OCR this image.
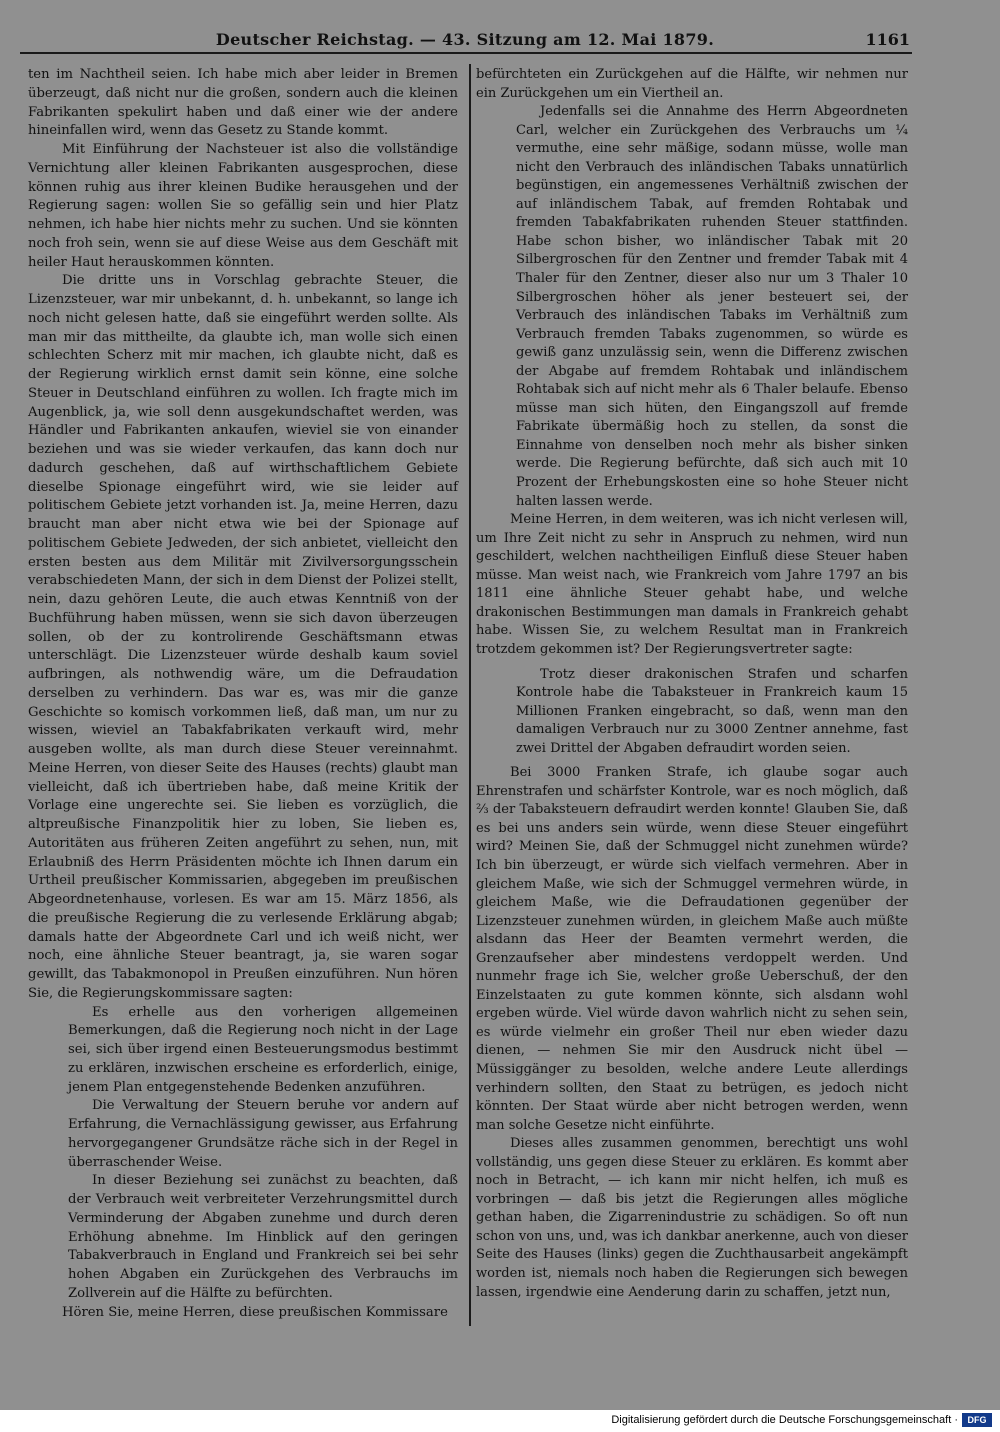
Deutscher Reichstag. — 43. Sitzung am 12. Mai 1879.	1161

ten im Nachtheil seien. Ich habe mich aber leider in Bremen überzeugt, daß nicht nur die großen, sondern auch die kleinen Fabrikanten spekulirt haben und daß einer wie der andere hineinfallen wird, wenn das Gesetz zu Stande kommt.

Mit Einführung der Nachsteuer ist also die vollständige Vernichtung aller kleinen Fabrikanten ausgesprochen, diese können ruhig aus ihrer kleinen Budike herausgehen und der Regierung sagen: wollen Sie so gefällig sein und hier Platz nehmen, ich habe hier nichts mehr zu suchen. Und sie könnten noch froh sein, wenn sie auf diese Weise aus dem Geschäft mit heiler Haut herauskommen könnten.

Die dritte uns in Vorschlag gebrachte Steuer, die Lizenzsteuer, war mir unbekannt, d. h. unbekannt, so lange ich noch nicht gelesen hatte, daß sie eingeführt werden sollte. Als man mir das mittheilte, da glaubte ich, man wolle sich einen schlechten Scherz mit mir machen, ich glaubte nicht, daß es der Regierung wirklich ernst damit sein könne, eine solche Steuer in Deutschland einführen zu wollen. Ich fragte mich im Augenblick, ja, wie soll denn ausgekundschaftet werden, was Händler und Fabrikanten ankaufen, wieviel sie von einander beziehen und was sie wieder verkaufen, das kann doch nur dadurch geschehen, daß auf wirthschaftlichem Gebiete dieselbe Spionage eingeführt wird, wie sie leider auf politischem Gebiete jetzt vorhanden ist. Ja, meine Herren, dazu braucht man aber nicht etwa wie bei der Spionage auf politischem Gebiete Jedweden, der sich anbietet, vielleicht den ersten besten aus dem Militär mit Zivilversorgungsschein verabschiedeten Mann, der sich in dem Dienst der Polizei stellt, nein, dazu gehören Leute, die auch etwas Kenntniß von der Buchführung haben müssen, wenn sie sich davon überzeugen sollen, ob der zu kontrolirende Geschäftsmann etwas unterschlägt. Die Lizenzsteuer würde deshalb kaum soviel aufbringen, als nothwendig wäre, um die Defraudation derselben zu verhindern. Das war es, was mir die ganze Geschichte so komisch vorkommen ließ, daß man, um nur zu wissen, wieviel an Tabakfabrikaten verkauft wird, mehr ausgeben wollte, als man durch diese Steuer vereinnahmt. Meine Herren, von dieser Seite des Hauses (rechts) glaubt man vielleicht, daß ich übertrieben habe, daß meine Kritik der Vorlage eine ungerechte sei. Sie lieben es vorzüglich, die altpreußische Finanzpolitik hier zu loben, Sie lieben es, Autoritäten aus früheren Zeiten angeführt zu sehen, nun, mit Erlaubniß des Herrn Präsidenten möchte ich Ihnen darum ein Urtheil preußischer Kommissarien, abgegeben im preußischen Abgeordnetenhause, vorlesen. Es war am 15. März 1856, als die preußische Regierung die zu verlesende Erklärung abgab; damals hatte der Abgeordnete Carl und ich weiß nicht, wer noch, eine ähnliche Steuer beantragt, ja, sie waren sogar gewillt, das Tabakmonopol in Preußen einzuführen. Nun hören Sie, die Regierungskommissare sagten:

Es erhelle aus den vorherigen allgemeinen Bemerkungen, daß die Regierung noch nicht in der Lage sei, sich über irgend einen Besteuerungsmodus bestimmt zu erklären, inzwischen erscheine es erforderlich, einige, jenem Plan entgegenstehende Bedenken anzuführen.

Die Verwaltung der Steuern beruhe vor andern auf Erfahrung, die Vernachlässigung gewisser, aus Erfahrung hervorgegangener Grundsätze räche sich in der Regel in überraschender Weise.

In dieser Beziehung sei zunächst zu beachten, daß der Verbrauch weit verbreiteter Verzehrungsmittel durch Verminderung der Abgaben zunehme und durch deren Erhöhung abnehme. Im Hinblick auf den geringen Tabakverbrauch in England und Frankreich sei bei sehr hohen Abgaben ein Zurückgehen des Verbrauchs im Zollverein auf die Hälfte zu befürchten.

Hören Sie, meine Herren, diese preußischen Kommissare

befürchteten ein Zurückgehen auf die Hälfte, wir nehmen nur ein Zurückgehen um ein Viertheil an.

Jedenfalls sei die Annahme des Herrn Abgeordneten Carl, welcher ein Zurückgehen des Verbrauchs um ¼ vermuthe, eine sehr mäßige, sodann müsse, wolle man nicht den Verbrauch des inländischen Tabaks unnatürlich begünstigen, ein angemessenes Verhältniß zwischen der auf inländischem Tabak, auf fremden Rohtabak und fremden Tabakfabrikaten ruhenden Steuer stattfinden. Habe schon bisher, wo inländischer Tabak mit 20 Silbergroschen für den Zentner und fremder Tabak mit 4 Thaler für den Zentner, dieser also nur um 3 Thaler 10 Silbergroschen höher als jener besteuert sei, der Verbrauch des inländischen Tabaks im Verhältniß zum Verbrauch fremden Tabaks zugenommen, so würde es gewiß ganz unzulässig sein, wenn die Differenz zwischen der Abgabe auf fremdem Rohtabak und inländischem Rohtabak sich auf nicht mehr als 6 Thaler belaufe. Ebenso müsse man sich hüten, den Eingangszoll auf fremde Fabrikate übermäßig hoch zu stellen, da sonst die Einnahme von denselben noch mehr als bisher sinken werde. Die Regierung befürchte, daß sich auch mit 10 Prozent der Erhebungskosten eine so hohe Steuer nicht halten lassen werde.

Meine Herren, in dem weiteren, was ich nicht verlesen will, um Ihre Zeit nicht zu sehr in Anspruch zu nehmen, wird nun geschildert, welchen nachtheiligen Einfluß diese Steuer haben müsse. Man weist nach, wie Frankreich vom Jahre 1797 an bis 1811 eine ähnliche Steuer gehabt habe, und welche drakonischen Bestimmungen man damals in Frankreich gehabt habe. Wissen Sie, zu welchem Resultat man in Frankreich trotzdem gekommen ist? Der Regierungsvertreter sagte:

Trotz dieser drakonischen Strafen und scharfen Kontrole habe die Tabaksteuer in Frankreich kaum 15 Millionen Franken eingebracht, so daß, wenn man den damaligen Verbrauch nur zu 3000 Zentner annehme, fast zwei Drittel der Abgaben defraudirt worden seien.

Bei 3000 Franken Strafe, ich glaube sogar auch Ehrenstrafen und schärfster Kontrole, war es noch möglich, daß ⅔ der Tabaksteuern defraudirt werden konnte! Glauben Sie, daß es bei uns anders sein würde, wenn diese Steuer eingeführt wird? Meinen Sie, daß der Schmuggel nicht zunehmen würde? Ich bin überzeugt, er würde sich vielfach vermehren. Aber in gleichem Maße, wie sich der Schmuggel vermehren würde, in gleichem Maße, wie die Defraudationen gegenüber der Lizenzsteuer zunehmen würden, in gleichem Maße auch müßte alsdann das Heer der Beamten vermehrt werden, die Grenzaufseher aber mindestens verdoppelt werden. Und nunmehr frage ich Sie, welcher große Ueberschuß, der den Einzelstaaten zu gute kommen könnte, sich alsdann wohl ergeben würde. Viel würde davon wahrlich nicht zu sehen sein, es würde vielmehr ein großer Theil nur eben wieder dazu dienen, — nehmen Sie mir den Ausdruck nicht übel — Müssiggänger zu besolden, welche andere Leute allerdings verhindern sollten, den Staat zu betrügen, es jedoch nicht könnten. Der Staat würde aber nicht betrogen werden, wenn man solche Gesetze nicht einführte.

Dieses alles zusammen genommen, berechtigt uns wohl vollständig, uns gegen diese Steuer zu erklären. Es kommt aber noch in Betracht, — ich kann mir nicht helfen, ich muß es vorbringen — daß bis jetzt die Regierungen alles mögliche gethan haben, die Zigarrenindustrie zu schädigen. So oft nun schon von uns, und, was ich dankbar anerkenne, auch von dieser Seite des Hauses (links) gegen die Zuchthausarbeit angekämpft worden ist, niemals noch haben die Regierungen sich bewegen lassen, irgendwie eine Aenderung darin zu schaffen, jetzt nun,

Digitalisierung gefördert durch die Deutsche Forschungsgemeinschaft ·	DFG
